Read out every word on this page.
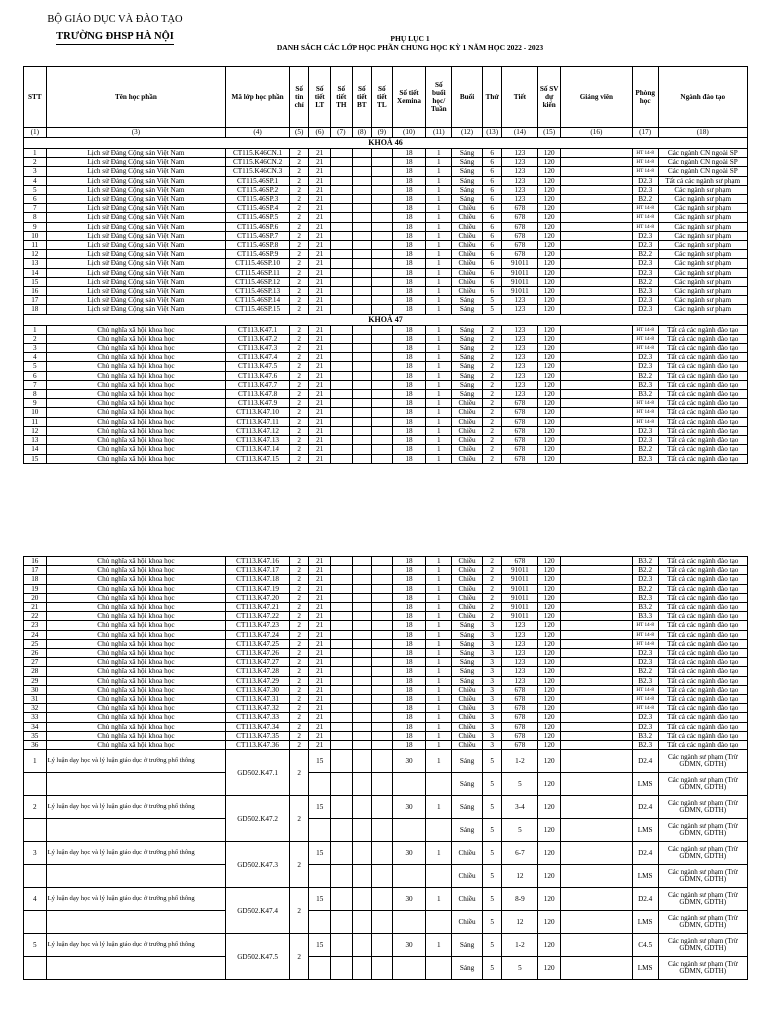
BỘ GIÁO DỤC VÀ ĐÀO TẠO
TRƯỜNG ĐHSP HÀ NỘI	PHỤ LỤC 1
DANH SÁCH CÁC LỚP HỌC PHẦN CHUNG HỌC KỲ 1 NĂM HỌC 2022 - 2023
STT	Tên học phần	Mã lớp học phần	Số tín chỉ	Số tiết LT	Số tiết TH	Số tiết BT	Số tiết TL	Số tiết Xemina	Số buổi học/ Tuần	Buổi	Thứ	Tiết	Số SV dự kiến	Giảng viên	Phòng học	Ngành đào tạo
(1)	(3)	(4)	(5)	(6)	(7)	(8)	(9)	(10)	(11)	(12)	(13)	(14)	(15)	(16)	(17)	(18)
KHOÁ 46																
1	Lịch sử Đảng Cộng sản Việt Nam	CT115.K46CN.1	2	21				18	1	Sáng	6	123	120		HT 14-8	Các ngành CN ngoài SP
2	Lịch sử Đảng Cộng sản Việt Nam	CT115.K46CN.2	2	21				18	1	Sáng	6	123	120		HT 14-8	Các ngành CN ngoài SP
3	Lịch sử Đảng Cộng sản Việt Nam	CT115.K46CN.3	2	21				18	1	Sáng	6	123	120		HT 14-8	Các ngành CN ngoài SP
4	Lịch sử Đảng Cộng sản Việt Nam	CT115.46SP.1	2	21				18	1	Sáng	6	123	120		D2.3	Tất cả các ngành sư phạm
5	Lịch sử Đảng Cộng sản Việt Nam	CT115.46SP.2	2	21				18	1	Sáng	6	123	120		D2.3	Các ngành sư phạm
6	Lịch sử Đảng Cộng sản Việt Nam	CT115.46SP.3	2	21				18	1	Sáng	6	123	120		B2.2	Các ngành sư phạm
7	Lịch sử Đảng Cộng sản Việt Nam	CT115.46SP.4	2	21				18	1	Chiều	6	678	120		HT 14-8	Các ngành sư phạm
8	Lịch sử Đảng Cộng sản Việt Nam	CT115.46SP.5	2	21				18	1	Chiều	6	678	120		HT 14-8	Các ngành sư phạm
9	Lịch sử Đảng Cộng sản Việt Nam	CT115.46SP.6	2	21				18	1	Chiều	6	678	120		HT 14-8	Các ngành sư phạm
10	Lịch sử Đảng Cộng sản Việt Nam	CT115.46SP.7	2	21				18	1	Chiều	6	678	120		D2.3	Các ngành sư phạm
11	Lịch sử Đảng Cộng sản Việt Nam	CT115.46SP.8	2	21				18	1	Chiều	6	678	120		D2.3	Các ngành sư phạm
12	Lịch sử Đảng Cộng sản Việt Nam	CT115.46SP.9	2	21				18	1	Chiều	6	678	120		B2.2	Các ngành sư phạm
13	Lịch sử Đảng Cộng sản Việt Nam	CT115.46SP.10	2	21				18	1	Chiều	6	91011	120		D2.3	Các ngành sư phạm
14	Lịch sử Đảng Cộng sản Việt Nam	CT115.46SP.11	2	21				18	1	Chiều	6	91011	120		D2.3	Các ngành sư phạm
15	Lịch sử Đảng Cộng sản Việt Nam	CT115.46SP.12	2	21				18	1	Chiều	6	91011	120		B2.2	Các ngành sư phạm
16	Lịch sử Đảng Cộng sản Việt Nam	CT115.46SP.13	2	21				18	1	Chiều	6	91011	120		B2.3	Các ngành sư phạm
17	Lịch sử Đảng Cộng sản Việt Nam	CT115.46SP.14	2	21				18	1	Sáng	5	123	120		D2.3	Các ngành sư phạm
18	Lịch sử Đảng Cộng sản Việt Nam	CT115.46SP.15	2	21				18	1	Sáng	5	123	120		D2.3	Các ngành sư phạm
KHOÁ 47																
1	Chủ nghĩa xã hội khoa học	CT113.K47.1	2	21				18	1	Sáng	2	123	120		HT 14-8	Tất cả các ngành đào tạo
2	Chủ nghĩa xã hội khoa học	CT113.K47.2	2	21				18	1	Sáng	2	123	120		HT 14-8	Tất cả các ngành đào tạo
3	Chủ nghĩa xã hội khoa học	CT113.K47.3	2	21				18	1	Sáng	2	123	120		HT 14-8	Tất cả các ngành đào tạo
4	Chủ nghĩa xã hội khoa học	CT113.K47.4	2	21				18	1	Sáng	2	123	120		D2.3	Tất cả các ngành đào tạo
5	Chủ nghĩa xã hội khoa học	CT113.K47.5	2	21				18	1	Sáng	2	123	120		D2.3	Tất cả các ngành đào tạo
6	Chủ nghĩa xã hội khoa học	CT113.K47.6	2	21				18	1	Sáng	2	123	120		B2.2	Tất cả các ngành đào tạo
7	Chủ nghĩa xã hội khoa học	CT113.K47.7	2	21				18	1	Sáng	2	123	120		B2.3	Tất cả các ngành đào tạo
8	Chủ nghĩa xã hội khoa học	CT113.K47.8	2	21				18	1	Sáng	2	123	120		B3.2	Tất cả các ngành đào tạo
9	Chủ nghĩa xã hội khoa học	CT113.K47.9	2	21				18	1	Chiều	2	678	120		HT 14-8	Tất cả các ngành đào tạo
10	Chủ nghĩa xã hội khoa học	CT113.K47.10	2	21				18	1	Chiều	2	678	120		HT 14-8	Tất cả các ngành đào tạo
11	Chủ nghĩa xã hội khoa học	CT113.K47.11	2	21				18	1	Chiều	2	678	120		HT 14-8	Tất cả các ngành đào tạo
12	Chủ nghĩa xã hội khoa học	CT113.K47.12	2	21				18	1	Chiều	2	678	120		D2.3	Tất cả các ngành đào tạo
13	Chủ nghĩa xã hội khoa học	CT113.K47.13	2	21				18	1	Chiều	2	678	120		D2.3	Tất cả các ngành đào tạo
14	Chủ nghĩa xã hội khoa học	CT113.K47.14	2	21				18	1	Chiều	2	678	120		B2.2	Tất cả các ngành đào tạo
15	Chủ nghĩa xã hội khoa học	CT113.K47.15	2	21				18	1	Chiều	2	678	120		B2.3	Tất cả các ngành đào tạo
16	Chủ nghĩa xã hội khoa học	CT113.K47.16	2	21				18	1	Chiều	2	678	120		B3.2	Tất cả các ngành đào tạo
17	Chủ nghĩa xã hội khoa học	CT113.K47.17	2	21				18	1	Chiều	2	91011	120		B2.2	Tất cả các ngành đào tạo
18	Chủ nghĩa xã hội khoa học	CT113.K47.18	2	21				18	1	Chiều	2	91011	120		D2.3	Tất cả các ngành đào tạo
19	Chủ nghĩa xã hội khoa học	CT113.K47.19	2	21				18	1	Chiều	2	91011	120		B2.2	Tất cả các ngành đào tạo
20	Chủ nghĩa xã hội khoa học	CT113.K47.20	2	21				18	1	Chiều	2	91011	120		B2.3	Tất cả các ngành đào tạo
21	Chủ nghĩa xã hội khoa học	CT113.K47.21	2	21				18	1	Chiều	2	91011	120		B3.2	Tất cả các ngành đào tạo
22	Chủ nghĩa xã hội khoa học	CT113.K47.22	2	21				18	1	Chiều	2	91011	120		B3.3	Tất cả các ngành đào tạo
23	Chủ nghĩa xã hội khoa học	CT113.K47.23	2	21				18	1	Sáng	3	123	120		HT 14-8	Tất cả các ngành đào tạo
24	Chủ nghĩa xã hội khoa học	CT113.K47.24	2	21				18	1	Sáng	3	123	120		HT 14-8	Tất cả các ngành đào tạo
25	Chủ nghĩa xã hội khoa học	CT113.K47.25	2	21				18	1	Sáng	3	123	120		HT 14-8	Tất cả các ngành đào tạo
26	Chủ nghĩa xã hội khoa học	CT113.K47.26	2	21				18	1	Sáng	3	123	120		D2.3	Tất cả các ngành đào tạo
27	Chủ nghĩa xã hội khoa học	CT113.K47.27	2	21				18	1	Sáng	3	123	120		D2.3	Tất cả các ngành đào tạo
28	Chủ nghĩa xã hội khoa học	CT113.K47.28	2	21				18	1	Sáng	3	123	120		B2.2	Tất cả các ngành đào tạo
29	Chủ nghĩa xã hội khoa học	CT113.K47.29	2	21				18	1	Sáng	3	123	120		B2.3	Tất cả các ngành đào tạo
30	Chủ nghĩa xã hội khoa học	CT113.K47.30	2	21				18	1	Chiều	3	678	120		HT 14-8	Tất cả các ngành đào tạo
31	Chủ nghĩa xã hội khoa học	CT113.K47.31	2	21				18	1	Chiều	3	678	120		HT 14-8	Tất cả các ngành đào tạo
32	Chủ nghĩa xã hội khoa học	CT113.K47.32	2	21				18	1	Chiều	3	678	120		HT 14-8	Tất cả các ngành đào tạo
33	Chủ nghĩa xã hội khoa học	CT113.K47.33	2	21				18	1	Chiều	3	678	120		D2.3	Tất cả các ngành đào tạo
34	Chủ nghĩa xã hội khoa học	CT113.K47.34	2	21				18	1	Chiều	3	678	120		D2.3	Tất cả các ngành đào tạo
35	Chủ nghĩa xã hội khoa học	CT113.K47.35	2	21				18	1	Chiều	3	678	120		B3.2	Tất cả các ngành đào tạo
36	Chủ nghĩa xã hội khoa học	CT113.K47.36	2	21				18	1	Chiều	3	678	120		B2.3	Tất cả các ngành đào tạo
1	Lý luận dạy học và lý luận giáo dục ở trường phổ thông	GD502.K47.1	2	15				30	1	Sáng	5	1-2	120		D2.4	Các ngành sư phạm (Trừ GDMN, GDTH)
										Sáng	5	5	120		LMS	Các ngành sư phạm (Trừ GDMN, GDTH)
2	Lý luận dạy học và lý luận giáo dục ở trường phổ thông	GD502.K47.2	2	15				30	1	Sáng	5	3-4	120		D2.4	Các ngành sư phạm (Trừ GDMN, GDTH)
										Sáng	5	5	120		LMS	Các ngành sư phạm (Trừ GDMN, GDTH)
3	Lý luận dạy học và lý luận giáo dục ở trường phổ thông	GD502.K47.3	2	15				30	1	Chiều	5	6-7	120		D2.4	Các ngành sư phạm (Trừ GDMN, GDTH)
										Chiều	5	12	120		LMS	Các ngành sư phạm (Trừ GDMN, GDTH)
4	Lý luận dạy học và lý luận giáo dục ở trường phổ thông	GD502.K47.4	2	15				30	1	Chiều	5	8-9	120		D2.4	Các ngành sư phạm (Trừ GDMN, GDTH)
										Chiều	5	12	120		LMS	Các ngành sư phạm (Trừ GDMN, GDTH)
5	Lý luận dạy học và lý luận giáo dục ở trường phổ thông	GD502.K47.5	2	15				30	1	Sáng	5	1-2	120		C4.5	Các ngành sư phạm (Trừ GDMN, GDTH)
										Sáng	5	5	120		LMS	Các ngành sư phạm (Trừ GDMN, GDTH)
